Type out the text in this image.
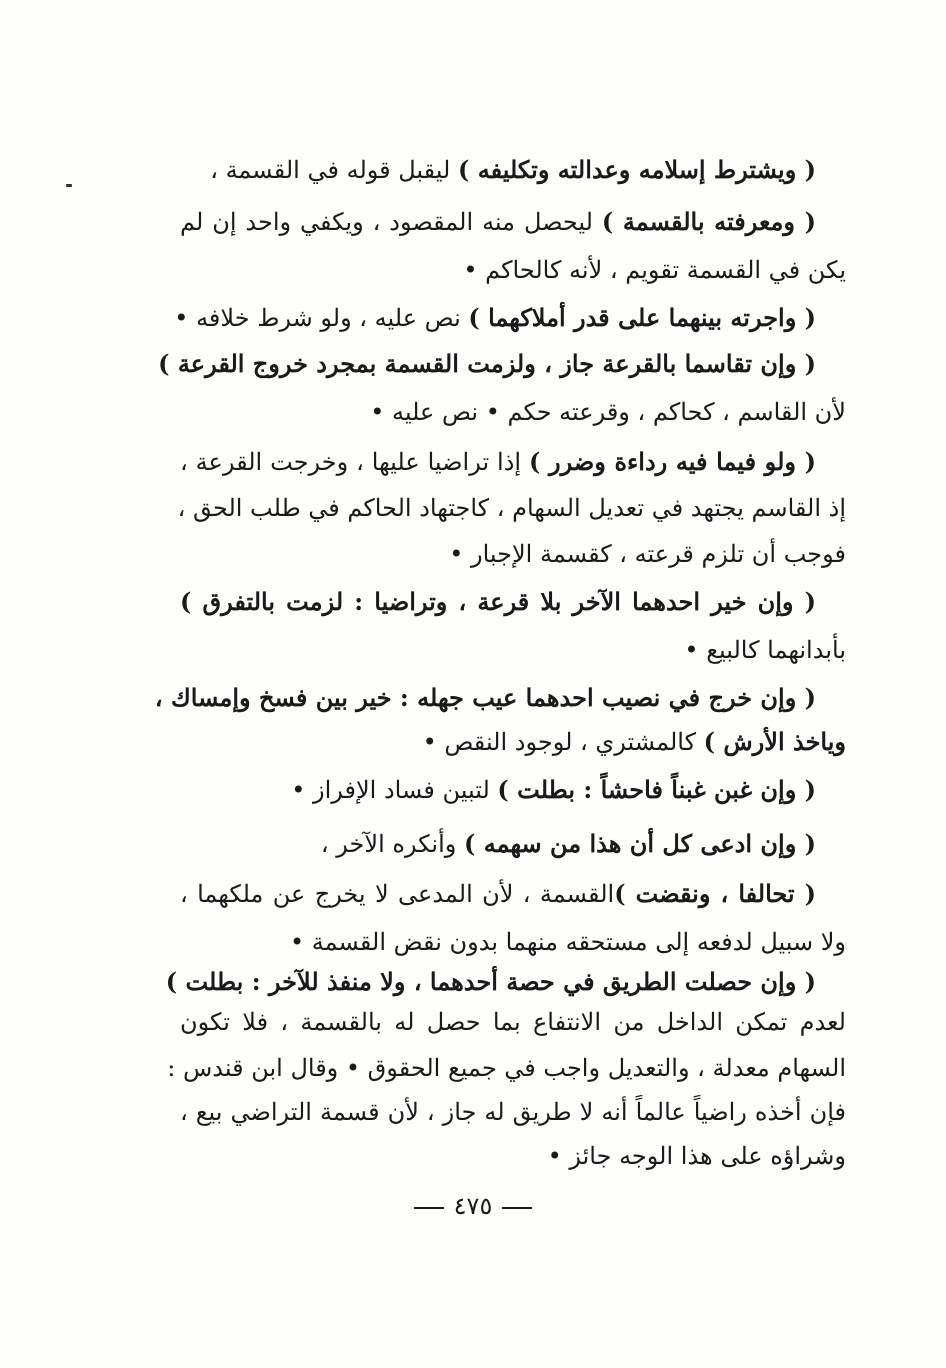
( ويشترط إسلامه وعدالته وتكليفه ) ليقبل قوله في القسمة ،
( ومعرفته بالقسمة ) ليحصل منه المقصود ، ويكفي واحد إن لم
يكن في القسمة تقويم ، لأنه كالحاكم •
( واجرته بينهما على قدر أملاكهما ) نص عليه ، ولو شرط خلافه •
( وإن تقاسما بالقرعة جاز ، ولزمت القسمة بمجرد خروج القرعة )
لأن القاسم ، كحاكم ، وقرعته حكم • نص عليه •
( ولو فيما فيه رداءة وضرر ) إذا تراضيا عليها ، وخرجت القرعة ،
إذ القاسم يجتهد في تعديل السهام ، كاجتهاد الحاكم في طلب الحق ،
فوجب أن تلزم قرعته ، كقسمة الإجبار •
( وإن خير احدهما الآخر بلا قرعة ، وتراضيا : لزمت بالتفرق )
بأبدانهما كالبيع •
( وإن خرج في نصيب احدهما عيب جهله : خير بين فسخ وإمساك ،
وياخذ الأرش ) كالمشتري ، لوجود النقص •
( وإن غبن غبناً فاحشاً : بطلت ) لتبين فساد الإفراز •
( وإن ادعى كل أن هذا من سهمه ) وأنكره الآخر ،
( تحالفا ، ونقضت )القسمة ، لأن المدعى لا يخرج عن ملكهما ،
ولا سبيل لدفعه إلى مستحقه منهما بدون نقض القسمة •
( وإن حصلت الطريق في حصة أحدهما ، ولا منفذ للآخر : بطلت )
لعدم تمكن الداخل من الانتفاع بما حصل له بالقسمة ، فلا تكون
السهام معدلة ، والتعديل واجب في جميع الحقوق • وقال ابن قندس :
فإن أخذه راضياً عالماً أنه لا طريق له جاز ، لأن قسمة التراضي بيع ،
وشراؤه على هذا الوجه جائز •
٤٧٥
